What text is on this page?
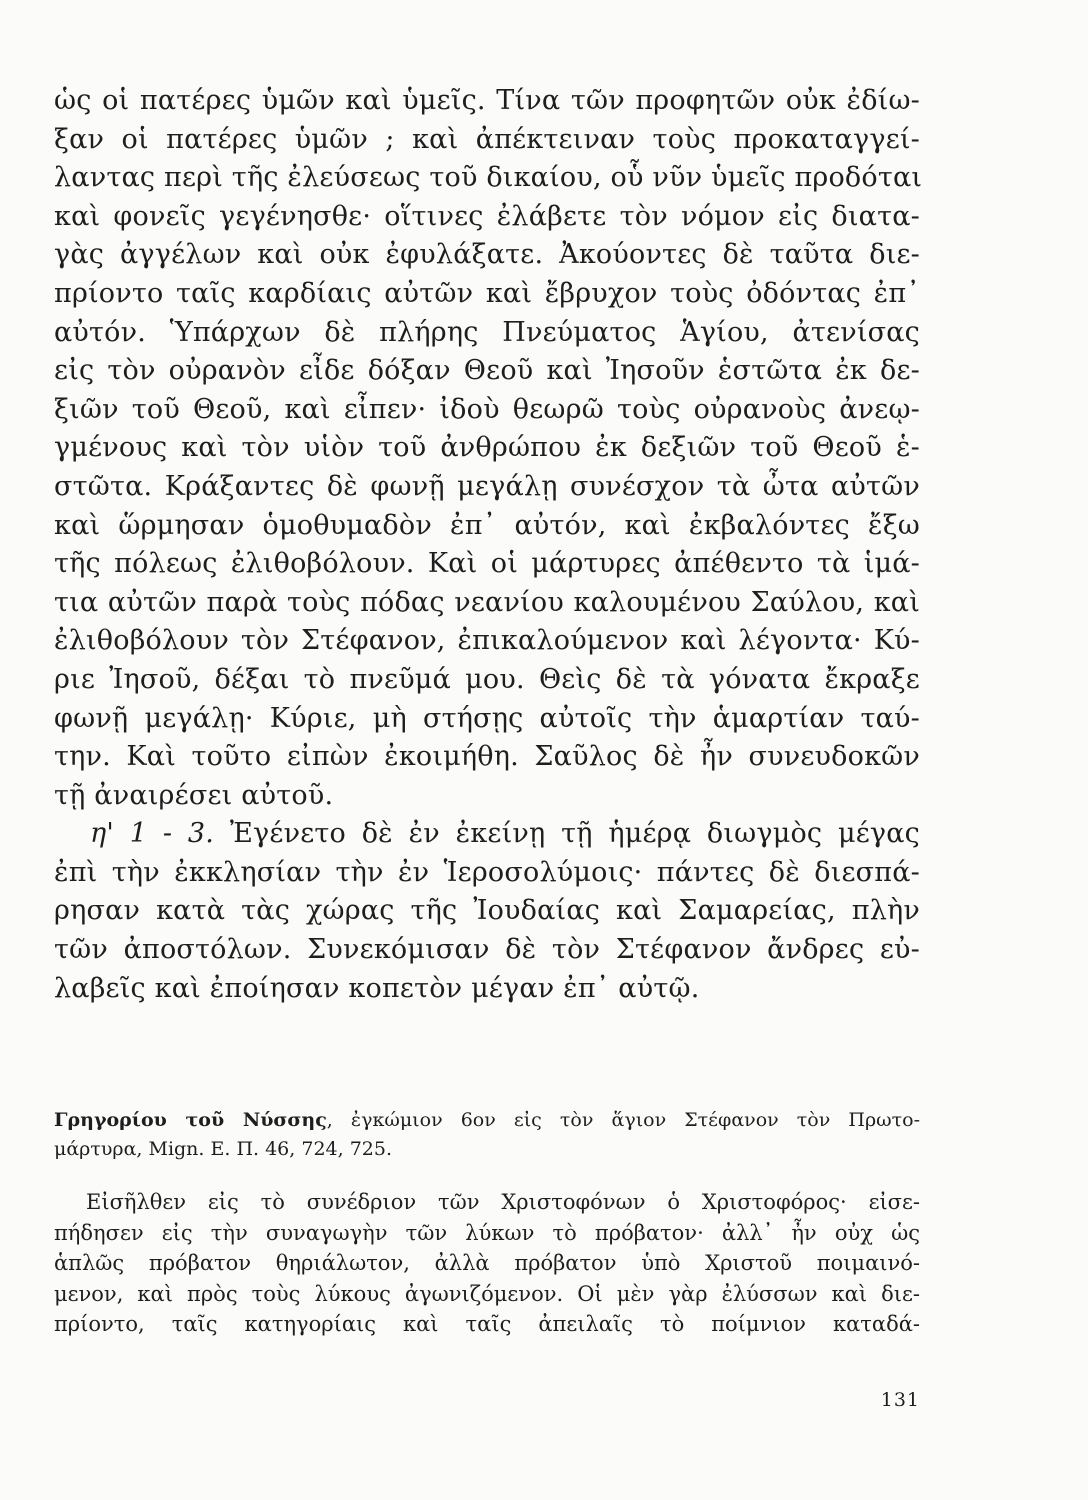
ὡς οἱ πατέρες ὑμῶν καὶ ὑμεῖς. Τίνα τῶν προφητῶν οὐκ ἐδίω-
ξαν οἱ πατέρες ὑμῶν ; καὶ ἀπέκτειναν τοὺς προκαταγγεί-
λαντας περὶ τῆς ἐλεύσεως τοῦ δικαίου, οὗ νῦν ὑμεῖς προδόται
καὶ φονεῖς γεγένησθε· οἵτινες ἐλάβετε τὸν νόμον εἰς διατα-
γὰς ἀγγέλων καὶ οὐκ ἐφυλάξατε. Ἀκούοντες δὲ ταῦτα διε-
πρίοντο ταῖς καρδίαις αὐτῶν καὶ ἔβρυχον τοὺς ὀδόντας ἐπ᾿
αὐτόν. Ὑπάρχων δὲ πλήρης Πνεύματος Ἁγίου, ἀτενίσας
εἰς τὸν οὐρανὸν εἶδε δόξαν Θεοῦ καὶ Ἰησοῦν ἑστῶτα ἐκ δε-
ξιῶν τοῦ Θεοῦ, καὶ εἶπεν· ἰδοὺ θεωρῶ τοὺς οὐρανοὺς ἀνεῳ-
γμένους καὶ τὸν υἱὸν τοῦ ἀνθρώπου ἐκ δεξιῶν τοῦ Θεοῦ ἑ-
στῶτα. Κράξαντες δὲ φωνῇ μεγάλῃ συνέσχον τὰ ὦτα αὐτῶν
καὶ ὥρμησαν ὁμοθυμαδὸν ἐπ᾿ αὐτόν, καὶ ἐκβαλόντες ἔξω
τῆς πόλεως ἐλιθοβόλουν. Καὶ οἱ μάρτυρες ἀπέθεντο τὰ ἱμά-
τια αὐτῶν παρὰ τοὺς πόδας νεανίου καλουμένου Σαύλου, καὶ
ἐλιθοβόλουν τὸν Στέφανον, ἐπικαλούμενον καὶ λέγοντα· Κύ-
ριε Ἰησοῦ, δέξαι τὸ πνεῦμά μου. Θεὶς δὲ τὰ γόνατα ἔκραξε
φωνῇ μεγάλῃ· Κύριε, μὴ στήσῃς αὐτοῖς τὴν ἁμαρτίαν ταύ-
την. Καὶ τοῦτο εἰπὼν ἐκοιμήθη. Σαῦλος δὲ ἦν συνευδοκῶν
τῇ ἀναιρέσει αὐτοῦ.
η' 1 - 3. Ἐγένετο δὲ ἐν ἐκείνῃ τῇ ἡμέρᾳ διωγμὸς μέγας
ἐπὶ τὴν ἐκκλησίαν τὴν ἐν Ἱεροσολύμοις· πάντες δὲ διεσπά-
ρησαν κατὰ τὰς χώρας τῆς Ἰουδαίας καὶ Σαμαρείας, πλὴν
τῶν ἀποστόλων. Συνεκόμισαν δὲ τὸν Στέφανον ἄνδρες εὐ-
λαβεῖς καὶ ἐποίησαν κοπετὸν μέγαν ἐπ᾿ αὐτῷ.
Γρηγορίου τοῦ Νύσσης, ἐγκώμιον 6ον εἰς τὸν ἅγιον Στέφανον τὸν Πρωτο-
μάρτυρα, Mign. E. Π. 46, 724, 725.
Εἰσῆλθεν εἰς τὸ συνέδριον τῶν Χριστοφόνων ὁ Χριστοφόρος· εἰσε-
πήδησεν εἰς τὴν συναγωγὴν τῶν λύκων τὸ πρόβατον· ἀλλ᾿ ἦν οὐχ ὡς
ἁπλῶς πρόβατον θηριάλωτον, ἀλλὰ πρόβατον ὑπὸ Χριστοῦ ποιμαινό-
μενον, καὶ πρὸς τοὺς λύκους ἀγωνιζόμενον. Οἱ μὲν γὰρ ἐλύσσων καὶ διε-
πρίοντο, ταῖς κατηγορίαις καὶ ταῖς ἀπειλαῖς τὸ ποίμνιον καταδά-
131
